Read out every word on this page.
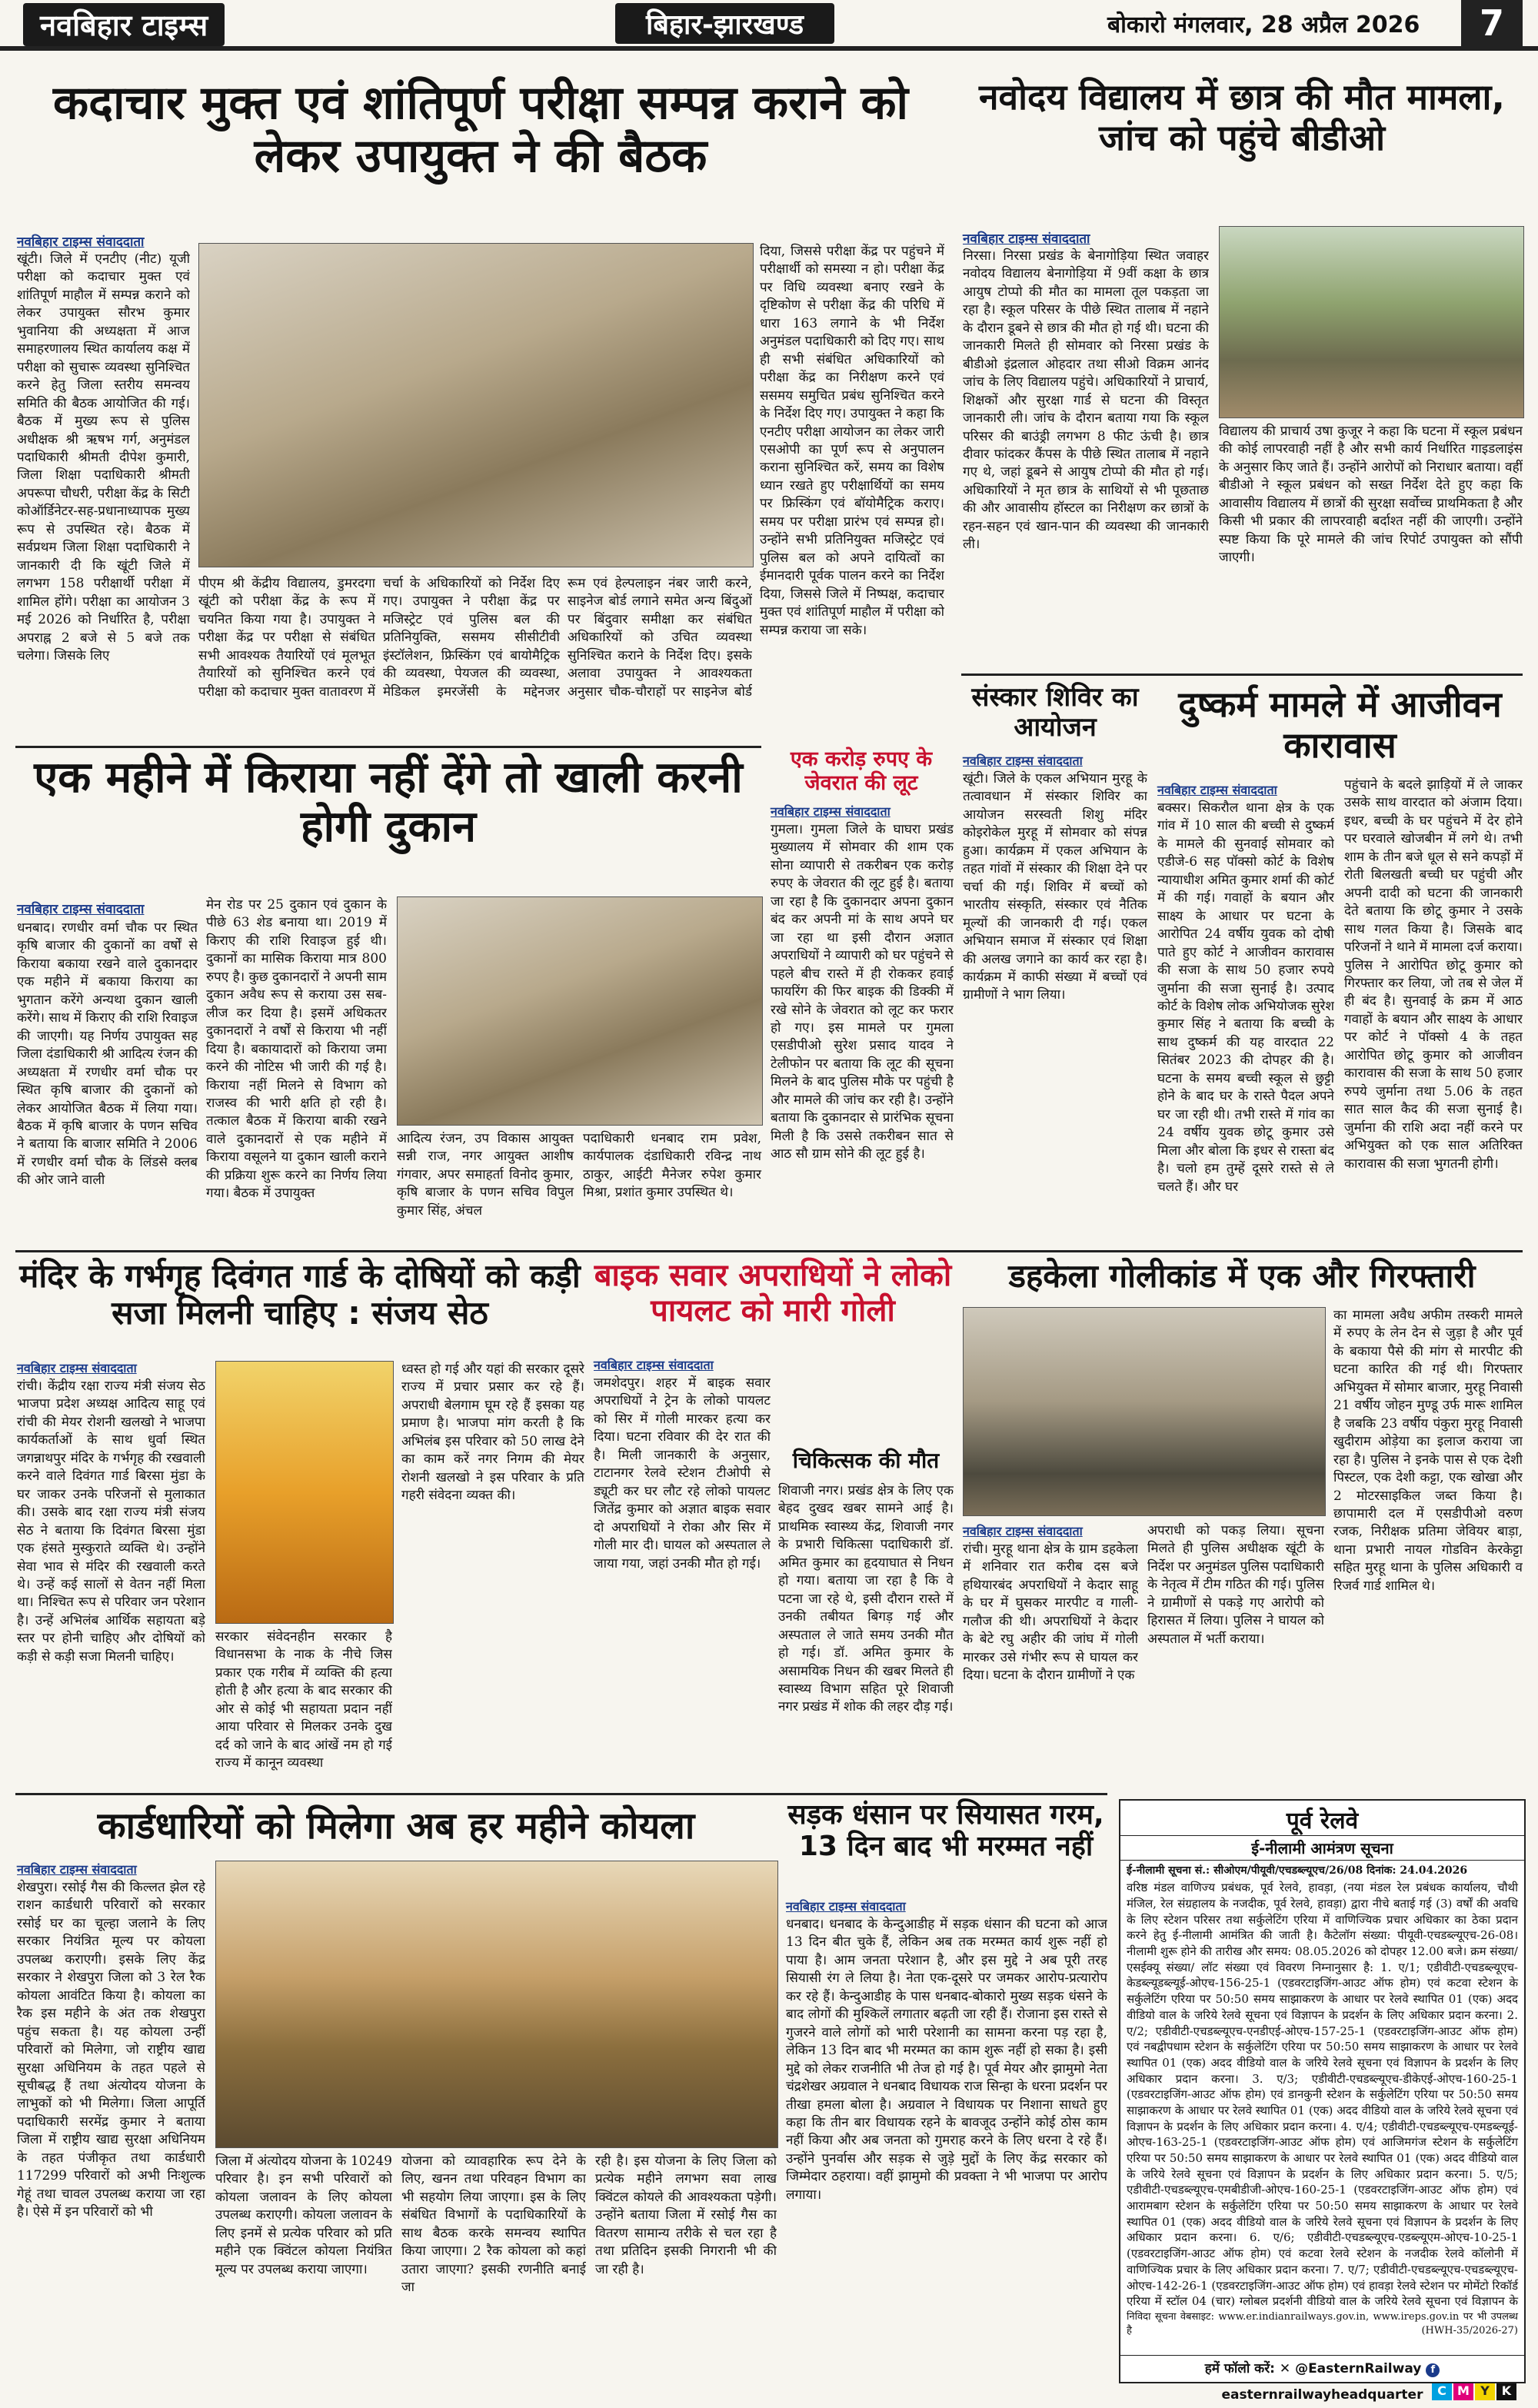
नवबिहार टाइम्स	बिहार-झारखण्ड	बोकारो मंगलवार, 28 अप्रैल 2026	7
कदाचार मुक्त एवं शांतिपूर्ण परीक्षा सम्पन्न कराने को लेकर उपायुक्त ने की बैठक
नवबिहार टाइम्स संवाददाता
खूंटी। जिले में एनटीए (नीट) यूजी परीक्षा को कदाचार मुक्त एवं शांतिपूर्ण माहौल में सम्पन्न कराने को लेकर उपायुक्त सौरभ कुमार भुवानिया की अध्यक्षता में आज समाहरणालय स्थित कार्यालय कक्ष में परीक्षा को सुचारू व्यवस्था सुनिश्चित करने हेतु जिला स्तरीय समन्वय समिति की बैठक आयोजित की गई। बैठक में मुख्य रूप से पुलिस अधीक्षक श्री ऋषभ गर्ग, अनुमंडल पदाधिकारी श्रीमती दीपेश कुमारी, जिला शिक्षा पदाधिकारी श्रीमती अपरूपा चौधरी, परीक्षा केंद्र के सिटी कोऑर्डिनेटर-सह-प्रधानाध्यापक मुख्य रूप से उपस्थित रहे। बैठक में सर्वप्रथम जिला शिक्षा पदाधिकारी ने जानकारी दी कि खूंटी जिले में लगभग 158 परीक्षार्थी परीक्षा में शामिल होंगे। परीक्षा का आयोजन 3 मई 2026 को निर्धारित है, परीक्षा अपराह्न 2 बजे से 5 बजे तक चलेगा। जिसके लिए
पीएम श्री केंद्रीय विद्यालय, डुमरदगा खूंटी को परीक्षा केंद्र के रूप में चयनित किया गया है। उपायुक्त ने परीक्षा केंद्र पर परीक्षा से संबंधित सभी आवश्यक तैयारियों एवं मूलभूत तैयारियों को सुनिश्चित करने एवं परीक्षा को कदाचार मुक्त वातावरण में
चर्चा के अधिकारियों को निर्देश दिए गए। उपायुक्त ने परीक्षा केंद्र पर मजिस्ट्रेट एवं पुलिस बल की प्रतिनियुक्ति, ससमय सीसीटीवी इंस्टॉलेशन, फ्रिस्किंग एवं बायोमैट्रिक की व्यवस्था, पेयजल की व्यवस्था, मेडिकल इमरजेंसी के मद्देनजर
रूम एवं हेल्पलाइन नंबर जारी करने, साइनेज बोर्ड लगाने समेत अन्य बिंदुओं पर बिंदुवार समीक्षा कर संबंधित अधिकारियों को उचित व्यवस्था सुनिश्चित कराने के निर्देश दिए। इसके अलावा उपायुक्त ने आवश्यकता अनुसार चौक-चौराहों पर साइनेज बोर्ड
दिया, जिससे परीक्षा केंद्र पर पहुंचने में परीक्षार्थी को समस्या न हो। परीक्षा केंद्र पर विधि व्यवस्था बनाए रखने के दृष्टिकोण से परीक्षा केंद्र की परिधि में धारा 163 लगाने के भी निर्देश अनुमंडल पदाधिकारी को दिए गए। साथ ही सभी संबंधित अधिकारियों को परीक्षा केंद्र का निरीक्षण करने एवं ससमय समुचित प्रबंध सुनिश्चित करने के निर्देश दिए गए। उपायुक्त ने कहा कि एनटीए परीक्षा आयोजन का लेकर जारी एसओपी का पूर्ण रूप से अनुपालन कराना सुनिश्चित करें, समय का विशेष ध्यान रखते हुए परीक्षार्थियों का समय पर फ्रिस्किंग एवं बॉयोमैट्रिक कराए। समय पर परीक्षा प्रारंभ एवं सम्पन्न हो। उन्होंने सभी प्रतिनियुक्त मजिस्ट्रेट एवं पुलिस बल को अपने दायित्वों का ईमानदारी पूर्वक पालन करने का निर्देश दिया, जिससे जिले में निष्पक्ष, कदाचार मुक्त एवं शांतिपूर्ण माहौल में परीक्षा को सम्पन्न कराया जा सके।
नवोदय विद्यालय में छात्र की मौत मामला, जांच को पहुंचे बीडीओ
नवबिहार टाइम्स संवाददाता
निरसा। निरसा प्रखंड के बेनागोड़िया स्थित जवाहर नवोदय विद्यालय बेनागोड़िया में 9वीं कक्षा के छात्र आयुष टोप्पो की मौत का मामला तूल पकड़ता जा रहा है। स्कूल परिसर के पीछे स्थित तालाब में नहाने के दौरान डूबने से छात्र की मौत हो गई थी। घटना की जानकारी मिलते ही सोमवार को निरसा प्रखंड के बीडीओ इंद्रलाल ओहदार तथा सीओ विक्रम आनंद जांच के लिए विद्यालय पहुंचे। अधिकारियों ने प्राचार्य, शिक्षकों और सुरक्षा गार्ड से घटना की विस्तृत जानकारी ली। जांच के दौरान बताया गया कि स्कूल परिसर की बाउंड्री लगभग 8 फीट ऊंची है। छात्र दीवार फांदकर कैंपस के पीछे स्थित तालाब में नहाने गए थे, जहां डूबने से आयुष टोप्पो की मौत हो गई। अधिकारियों ने मृत छात्र के साथियों से भी पूछताछ की और आवासीय हॉस्टल का निरीक्षण कर छात्रों के रहन-सहन एवं खान-पान की व्यवस्था की जानकारी ली।
विद्यालय की प्राचार्य उषा कुजूर ने कहा कि घटना में स्कूल प्रबंधन की कोई लापरवाही नहीं है और सभी कार्य निर्धारित गाइडलाइंस के अनुसार किए जाते हैं। उन्होंने आरोपों को निराधार बताया। वहीं बीडीओ ने स्कूल प्रबंधन को सख्त निर्देश देते हुए कहा कि आवासीय विद्यालय में छात्रों की सुरक्षा सर्वोच्च प्राथमिकता है और किसी भी प्रकार की लापरवाही बर्दाश्त नहीं की जाएगी। उन्होंने स्पष्ट किया कि पूरे मामले की जांच रिपोर्ट उपायुक्त को सौंपी जाएगी।
एक महीने में किराया नहीं देंगे तो खाली करनी होगी दुकान
नवबिहार टाइम्स संवाददाता
धनबाद। रणधीर वर्मा चौक पर स्थित कृषि बाजार की दुकानों का वर्षों से किराया बकाया रखने वाले दुकानदार एक महीने में बकाया किराया का भुगतान करेंगे अन्यथा दुकान खाली करेंगे। साथ में किराए की राशि रिवाइज की जाएगी। यह निर्णय उपायुक्त सह जिला दंडाधिकारी श्री आदित्य रंजन की अध्यक्षता में रणधीर वर्मा चौक पर स्थित कृषि बाजार की दुकानों को लेकर आयोजित बैठक में लिया गया। बैठक में कृषि बाजार के पणन सचिव ने बताया कि बाजार समिति ने 2006 में रणधीर वर्मा चौक के लिंडसे क्लब की ओर जाने वाली
मेन रोड पर 25 दुकान एवं दुकान के पीछे 63 शेड बनाया था। 2019 में किराए की राशि रिवाइज हुई थी। दुकानों का मासिक किराया मात्र 800 रुपए है। कुछ दुकानदारों ने अपनी साम दुकान अवैध रूप से कराया उस सब-लीज कर दिया है। इसमें अधिकतर दुकानदारों ने वर्षों से किराया भी नहीं दिया है। बकायादारों को किराया जमा करने की नोटिस भी जारी की गई है। किराया नहीं मिलने से विभाग को राजस्व की भारी क्षति हो रही है। तत्काल बैठक में किराया बाकी रखने वाले दुकानदारों से एक महीने में किराया वसूलने या दुकान खाली कराने की प्रक्रिया शुरू करने का निर्णय लिया गया। बैठक में उपायुक्त
आदित्य रंजन, उप विकास आयुक्त सन्नी राज, नगर आयुक्त आशीष गंगवार, अपर समाहर्ता विनोद कुमार, कृषि बाजार के पणन सचिव विपुल कुमार सिंह, अंचल
पदाधिकारी धनबाद राम प्रवेश, कार्यपालक दंडाधिकारी रविन्द्र नाथ ठाकुर, आईटी मैनेजर रुपेश कुमार मिश्रा, प्रशांत कुमार उपस्थित थे।
एक करोड़ रुपए के जेवरात की लूट
नवबिहार टाइम्स संवाददाता
गुमला। गुमला जिले के घाघरा प्रखंड मुख्यालय में सोमवार की शाम एक सोना व्यापारी से तकरीबन एक करोड़ रुपए के जेवरात की लूट हुई है। बताया जा रहा है कि दुकानदार अपना दुकान बंद कर अपनी मां के साथ अपने घर जा रहा था इसी दौरान अज्ञात अपराधियों ने व्यापारी को घर पहुंचने से पहले बीच रास्ते में ही रोककर हवाई फायरिंग की फिर बाइक की डिक्की में रखे सोने के जेवरात को लूट कर फरार हो गए। इस मामले पर गुमला एसडीपीओ सुरेश प्रसाद यादव ने टेलीफोन पर बताया कि लूट की सूचना मिलने के बाद पुलिस मौके पर पहुंची है और मामले की जांच कर रही है। उन्होंने बताया कि दुकानदार से प्रारंभिक सूचना मिली है कि उससे तकरीबन सात से आठ सौ ग्राम सोने की लूट हुई है।
संस्कार शिविर का आयोजन
नवबिहार टाइम्स संवाददाता
खूंटी। जिले के एकल अभियान मुरहू के तत्वावधान में संस्कार शिविर का आयोजन सरस्वती शिशु मंदिर कोइरोकेल मुरहू में सोमवार को संपन्न हुआ। कार्यक्रम में एकल अभियान के तहत गांवों में संस्कार की शिक्षा देने पर चर्चा की गई। शिविर में बच्चों को भारतीय संस्कृति, संस्कार एवं नैतिक मूल्यों की जानकारी दी गई। एकल अभियान समाज में संस्कार एवं शिक्षा की अलख जगाने का कार्य कर रहा है। कार्यक्रम में काफी संख्या में बच्चों एवं ग्रामीणों ने भाग लिया।
दुष्कर्म मामले में आजीवन कारावास
नवबिहार टाइम्स संवाददाता
बक्सर। सिकरौल थाना क्षेत्र के एक गांव में 10 साल की बच्ची से दुष्कर्म के मामले की सुनवाई सोमवार को एडीजे-6 सह पॉक्सो कोर्ट के विशेष न्यायाधीश अमित कुमार शर्मा की कोर्ट में की गई। गवाहों के बयान और साक्ष्य के आधार पर घटना के आरोपित 24 वर्षीय युवक को दोषी पाते हुए कोर्ट ने आजीवन कारावास की सजा के साथ 50 हजार रुपये जुर्माना की सजा सुनाई है। उत्पाद कोर्ट के विशेष लोक अभियोजक सुरेश कुमार सिंह ने बताया कि बच्ची के साथ दुष्कर्म की यह वारदात 22 सितंबर 2023 की दोपहर की है। घटना के समय बच्ची स्कूल से छुट्टी होने के बाद घर के रास्ते पैदल अपने घर जा रही थी। तभी रास्ते में गांव का 24 वर्षीय युवक छोटू कुमार उसे मिला और बोला कि इधर से रास्ता बंद है। चलो हम तुम्हें दूसरे रास्ते से ले चलते हैं। और घर
पहुंचाने के बदले झाड़ियों में ले जाकर उसके साथ वारदात को अंजाम दिया। इधर, बच्ची के घर पहुंचने में देर होने पर घरवाले खोजबीन में लगे थे। तभी शाम के तीन बजे धूल से सने कपड़ों में रोती बिलखती बच्ची घर पहुंची और अपनी दादी को घटना की जानकारी देते बताया कि छोटू कुमार ने उसके साथ गलत किया है। जिसके बाद परिजनों ने थाने में मामला दर्ज कराया। पुलिस ने आरोपित छोटू कुमार को गिरफ्तार कर लिया, जो तब से जेल में ही बंद है। सुनवाई के क्रम में आठ गवाहों के बयान और साक्ष्य के आधार पर कोर्ट ने पॉक्सो 4 के तहत आरोपित छोटू कुमार को आजीवन कारावास की सजा के साथ 50 हजार रुपये जुर्माना तथा 5.06 के तहत सात साल कैद की सजा सुनाई है। जुर्माना की राशि अदा नहीं करने पर अभियुक्त को एक साल अतिरिक्त कारावास की सजा भुगतनी होगी।
मंदिर के गर्भगृह दिवंगत गार्ड के दोषियों को कड़ी सजा मिलनी चाहिए : संजय सेठ
नवबिहार टाइम्स संवाददाता
रांची। केंद्रीय रक्षा राज्य मंत्री संजय सेठ भाजपा प्रदेश अध्यक्ष आदित्य साहू एवं रांची की मेयर रोशनी खलखो ने भाजपा कार्यकर्ताओं के साथ धुर्वा स्थित जगन्नाथपुर मंदिर के गर्भगृह की रखवाली करने वाले दिवंगत गार्ड बिरसा मुंडा के घर जाकर उनके परिजनों से मुलाकात की। उसके बाद रक्षा राज्य मंत्री संजय सेठ ने बताया कि दिवंगत बिरसा मुंडा एक हंसते मुस्कुराते व्यक्ति थे। उन्होंने सेवा भाव से मंदिर की रखवाली करते थे। उन्हें कई सालों से वेतन नहीं मिला था। निश्चित रूप से परिवार जन परेशान है। उन्हें अभिलंब आर्थिक सहायता बड़े स्तर पर होनी चाहिए और दोषियों को कड़ी से कड़ी सजा मिलनी चाहिए।
सरकार संवेदनहीन सरकार है विधानसभा के नाक के नीचे जिस प्रकार एक गरीब में व्यक्ति की हत्या होती है और हत्या के बाद सरकार की ओर से कोई भी सहायता प्रदान नहीं आया परिवार से मिलकर उनके दुख दर्द को जाने के बाद आंखें नम हो गई राज्य में कानून व्यवस्था
ध्वस्त हो गई और यहां की सरकार दूसरे राज्य में प्रचार प्रसार कर रहे हैं। अपराधी बेलगाम घूम रहे हैं इसका यह प्रमाण है। भाजपा मांग करती है कि अभिलंब इस परिवार को 50 लाख देने का काम करें नगर निगम की मेयर रोशनी खलखो ने इस परिवार के प्रति गहरी संवेदना व्यक्त की।
बाइक सवार अपराधियों ने लोको पायलट को मारी गोली
नवबिहार टाइम्स संवाददाता
जमशेदपुर। शहर में बाइक सवार अपराधियों ने ट्रेन के लोको पायलट को सिर में गोली मारकर हत्या कर दिया। घटना रविवार की देर रात की है। मिली जानकारी के अनुसार, टाटानगर रेलवे स्टेशन टीओपी से ड्यूटी कर घर लौट रहे लोको पायलट जितेंद्र कुमार को अज्ञात बाइक सवार दो अपराधियों ने रोका और सिर में गोली मार दी। घायल को अस्पताल ले जाया गया, जहां उनकी मौत हो गई।
चिकित्सक की मौत
शिवाजी नगर। प्रखंड क्षेत्र के लिए एक बेहद दुखद खबर सामने आई है। प्राथमिक स्वास्थ्य केंद्र, शिवाजी नगर के प्रभारी चिकित्सा पदाधिकारी डॉ. अमित कुमार का हृदयाघात से निधन हो गया। बताया जा रहा है कि वे पटना जा रहे थे, इसी दौरान रास्ते में उनकी तबीयत बिगड़ गई और अस्पताल ले जाते समय उनकी मौत हो गई। डॉ. अमित कुमार के असामयिक निधन की खबर मिलते ही स्वास्थ्य विभाग सहित पूरे शिवाजी नगर प्रखंड में शोक की लहर दौड़ गई।
डहकेला गोलीकांड में एक और गिरफ्तारी
नवबिहार टाइम्स संवाददाता
रांची। मुरहू थाना क्षेत्र के ग्राम डहकेला में शनिवार रात करीब दस बजे हथियारबंद अपराधियों ने केदार साहू के घर में घुसकर मारपीट व गाली-गलौज की थी। अपराधियों ने केदार के बेटे रघु अहीर की जांघ में गोली मारकर उसे गंभीर रूप से घायल कर दिया। घटना के दौरान ग्रामीणों ने एक
अपराधी को पकड़ लिया। सूचना मिलते ही पुलिस अधीक्षक खूंटी के निर्देश पर अनुमंडल पुलिस पदाधिकारी के नेतृत्व में टीम गठित की गई। पुलिस ने ग्रामीणों से पकड़े गए आरोपी को हिरासत में लिया। पुलिस ने घायल को अस्पताल में भर्ती कराया।
का मामला अवैध अफीम तस्करी मामले में रुपए के लेन देन से जुड़ा है और पूर्व के बकाया पैसे की मांग से मारपीट की घटना कारित की गई थी। गिरफ्तार अभियुक्त में सोमार बाजार, मुरहू निवासी 21 वर्षीय जोहन मुण्डू उर्फ मारू शामिल है जबकि 23 वर्षीय पंकुरा मुरहू निवासी खुदीराम ओड़ेया का इलाज कराया जा रहा है। पुलिस ने इनके पास से एक देशी पिस्टल, एक देशी कट्टा, एक खोखा और 2 मोटरसाइकिल जब्त किया है। छापामारी दल में एसडीपीओ वरुण रजक, निरीक्षक प्रतिमा जेवियर बाड़ा, थाना प्रभारी नायल गोडविन केरकेट्टा सहित मुरहू थाना के पुलिस अधिकारी व रिजर्व गार्ड शामिल थे।
कार्डधारियों को मिलेगा अब हर महीने कोयला
नवबिहार टाइम्स संवाददाता
शेखपुरा। रसोई गैस की किल्लत झेल रहे राशन कार्डधारी परिवारों को सरकार रसोई घर का चूल्हा जलाने के लिए सरकार नियंत्रित मूल्य पर कोयला उपलब्ध कराएगी। इसके लिए केंद्र सरकार ने शेखपुरा जिला को 3 रेल रैक कोयला आवंटित किया है। कोयला का रैक इस महीने के अंत तक शेखपुरा पहुंच सकता है। यह कोयला उन्हीं परिवारों को मिलेगा, जो राष्ट्रीय खाद्य सुरक्षा अधिनियम के तहत पहले से सूचीबद्ध हैं तथा अंत्योदय योजना के लाभुकों को भी मिलेगा। जिला आपूर्ति पदाधिकारी सरमेंद्र कुमार ने बताया जिला में राष्ट्रीय खाद्य सुरक्षा अधिनियम के तहत पंजीकृत तथा कार्डधारी 117299 परिवारों को अभी निःशुल्क गेहूं तथा चावल उपलब्ध कराया जा रहा है। ऐसे में इन परिवारों को भी
जिला में अंत्योदय योजना के 10249 परिवार है। इन सभी परिवारों को कोयला जलावन के लिए कोयला उपलब्ध कराएगी। कोयला जलावन के लिए इनमें से प्रत्येक परिवार को प्रति महीने एक क्विंटल कोयला नियंत्रित मूल्य पर उपलब्ध कराया जाएगा।
योजना को व्यावहारिक रूप देने के लिए, खनन तथा परिवहन विभाग का भी सहयोग लिया जाएगा। इस के लिए संबंधित विभागों के पदाधिकारियों के साथ बैठक करके समन्वय स्थापित किया जाएगा। 2 रैक कोयला को कहां उतारा जाएगा? इसकी रणनीति बनाई जा
रही है। इस योजना के लिए जिला को प्रत्येक महीने लगभग सवा लाख क्विंटल कोयले की आवश्यकता पड़ेगी। उन्होंने बताया जिला में रसोई गैस का वितरण सामान्य तरीके से चल रहा है तथा प्रतिदिन इसकी निगरानी भी की जा रही है।
सड़क धंसान पर सियासत गरम, 13 दिन बाद भी मरम्मत नहीं
नवबिहार टाइम्स संवाददाता
धनबाद। धनबाद के केन्दुआडीह में सड़क धंसान की घटना को आज 13 दिन बीत चुके हैं, लेकिन अब तक मरम्मत कार्य शुरू नहीं हो पाया है। आम जनता परेशान है, और इस मुद्दे ने अब पूरी तरह सियासी रंग ले लिया है। नेता एक-दूसरे पर जमकर आरोप-प्रत्यारोप कर रहे हैं। केन्दुआडीह के पास धनबाद-बोकारो मुख्य सड़क धंसने के बाद लोगों की मुश्किलें लगातार बढ़ती जा रही हैं। रोजाना इस रास्ते से गुजरने वाले लोगों को भारी परेशानी का सामना करना पड़ रहा है, लेकिन 13 दिन बाद भी मरम्मत का काम शुरू नहीं हो सका है। इसी मुद्दे को लेकर राजनीति भी तेज हो गई है। पूर्व मेयर और झामुमो नेता चंद्रशेखर अग्रवाल ने धनबाद विधायक राज सिन्हा के धरना प्रदर्शन पर तीखा हमला बोला है। अग्रवाल ने विधायक पर निशाना साधते हुए कहा कि तीन बार विधायक रहने के बावजूद उन्होंने कोई ठोस काम नहीं किया और अब जनता को गुमराह करने के लिए धरना दे रहे हैं। उन्होंने पुनर्वास और सड़क से जुड़े मुद्दों के लिए केंद्र सरकार को जिम्मेदार ठहराया। वहीं झामुमो की प्रवक्ता ने भी भाजपा पर आरोप लगाया।
पूर्व रेलवे
ई-नीलामी आमंत्रण सूचना
ई-नीलामी सूचना सं.: सीओएम/पीयूवी/एचडब्ल्यूएच/26/08 दिनांक: 24.04.2026
वरिष्ठ मंडल वाणिज्य प्रबंधक, पूर्व रेलवे, हावड़ा, (नया मंडल रेल प्रबंधक कार्यालय, चौथी मंजिल, रेल संग्रहालय के नजदीक, पूर्व रेलवे, हावड़ा) द्वारा नीचे बताई गई (3) वर्षों की अवधि के लिए स्टेशन परिसर तथा सर्कुलेटिंग एरिया में वाणिज्यिक प्रचार अधिकार का ठेका प्रदान करने हेतु ई-नीलामी आमंत्रित की जाती है। कैटेलॉग संख्या: पीयूवी-एचडब्ल्यूएच-26-08। नीलामी शुरू होने की तारीख और समय: 08.05.2026 को दोपहर 12.00 बजे। क्रम संख्या/ एसईक्यू संख्या/ लॉट संख्या एवं विवरण निम्नानुसार है: 1. ए/1; एडीवीटी-एचडब्ल्यूएच-केडब्ल्यूडब्ल्यूई-ओएच-156-25-1 (एडवरटाइजिंग-आउट ऑफ होम) एवं कटवा स्टेशन के सर्कुलेटिंग एरिया पर 50:50 समय साझाकरण के आधार पर रेलवे स्थापित 01 (एक) अदद वीडियो वाल के जरिये रेलवे सूचना एवं विज्ञापन के प्रदर्शन के लिए अधिकार प्रदान करना। 2. ए/2; एडीवीटी-एचडब्ल्यूएच-एनडीएई-ओएच-157-25-1 (एडवरटाइजिंग-आउट ऑफ होम) एवं नबद्वीपधाम स्टेशन के सर्कुलेटिंग एरिया पर 50:50 समय साझाकरण के आधार पर रेलवे स्थापित 01 (एक) अदद वीडियो वाल के जरिये रेलवे सूचना एवं विज्ञापन के प्रदर्शन के लिए अधिकार प्रदान करना। 3. ए/3; एडीवीटी-एचडब्ल्यूएच-डीकेएई-ओएच-160-25-1 (एडवरटाइजिंग-आउट ऑफ होम) एवं डानकुनी स्टेशन के सर्कुलेटिंग एरिया पर 50:50 समय साझाकरण के आधार पर रेलवे स्थापित 01 (एक) अदद वीडियो वाल के जरिये रेलवे सूचना एवं विज्ञापन के प्रदर्शन के लिए अधिकार प्रदान करना। 4. ए/4; एडीवीटी-एचडब्ल्यूएच-एमडब्ल्यूई-ओएच-163-25-1 (एडवरटाइजिंग-आउट ऑफ होम) एवं आजिमगंज स्टेशन के सर्कुलेटिंग एरिया पर 50:50 समय साझाकरण के आधार पर रेलवे स्थापित 01 (एक) अदद वीडियो वाल के जरिये रेलवे सूचना एवं विज्ञापन के प्रदर्शन के लिए अधिकार प्रदान करना। 5. ए/5; एडीवीटी-एचडब्ल्यूएच-एमबीडीजी-ओएच-160-25-1 (एडवरटाइजिंग-आउट ऑफ होम) एवं आरामबाग स्टेशन के सर्कुलेटिंग एरिया पर 50:50 समय साझाकरण के आधार पर रेलवे स्थापित 01 (एक) अदद वीडियो वाल के जरिये रेलवे सूचना एवं विज्ञापन के प्रदर्शन के लिए अधिकार प्रदान करना। 6. ए/6; एडीवीटी-एचडब्ल्यूएच-एडब्ल्यूएम-ओएच-10-25-1 (एडवरटाइजिंग-आउट ऑफ होम) एवं कटवा रेलवे स्टेशन के नजदीक रेलवे कॉलोनी में वाणिज्यिक प्रचार के लिए अधिकार प्रदान करना। 7. ए/7; एडीवीटी-एचडब्ल्यूएच-एचडब्ल्यूएच-ओएच-142-26-1 (एडवरटाइजिंग-आउट ऑफ होम) एवं हावड़ा रेलवे स्टेशन पर मोमेंटो रिकॉर्ड एरिया में स्टॉल 04 (चार) ग्लोबल प्रदर्शनी वीडियो वाल के जरिये रेलवे सूचना एवं विज्ञापन के
निविदा सूचना वेबसाइट: www.er.indianrailways.gov.in, www.ireps.gov.in पर भी उपलब्ध है	(HWH-35/2026-27)
हमें फॉलो करें: ✕ @EasternRailway f easternrailwayheadquarter	C M Y K
